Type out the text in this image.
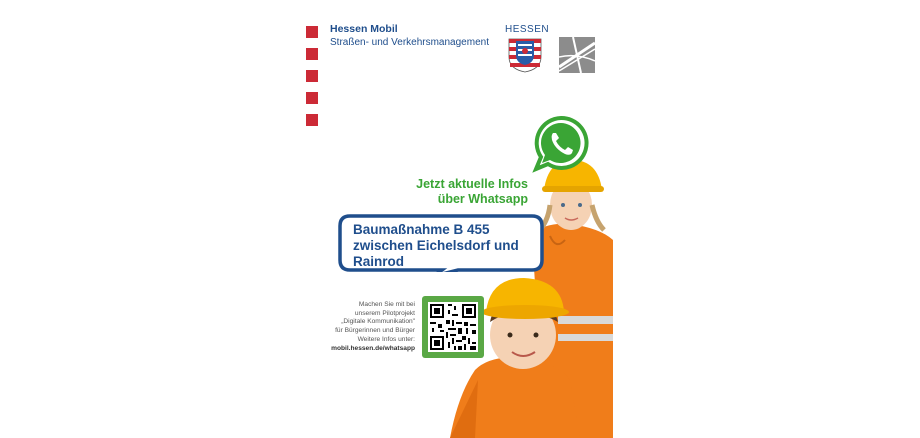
Hessen Mobil
Straßen- und Verkehrsmanagement
HESSEN
Jetzt aktuelle Infos
über Whatsapp
Baumaßnahme B 455
zwischen Eichelsdorf und
Rainrod
Machen Sie mit bei
unserem Pilotprojekt
„Digitale Kommunikation"
für Bürgerinnen und Bürger
Weitere Infos unter:
mobil.hessen.de/whatsapp
